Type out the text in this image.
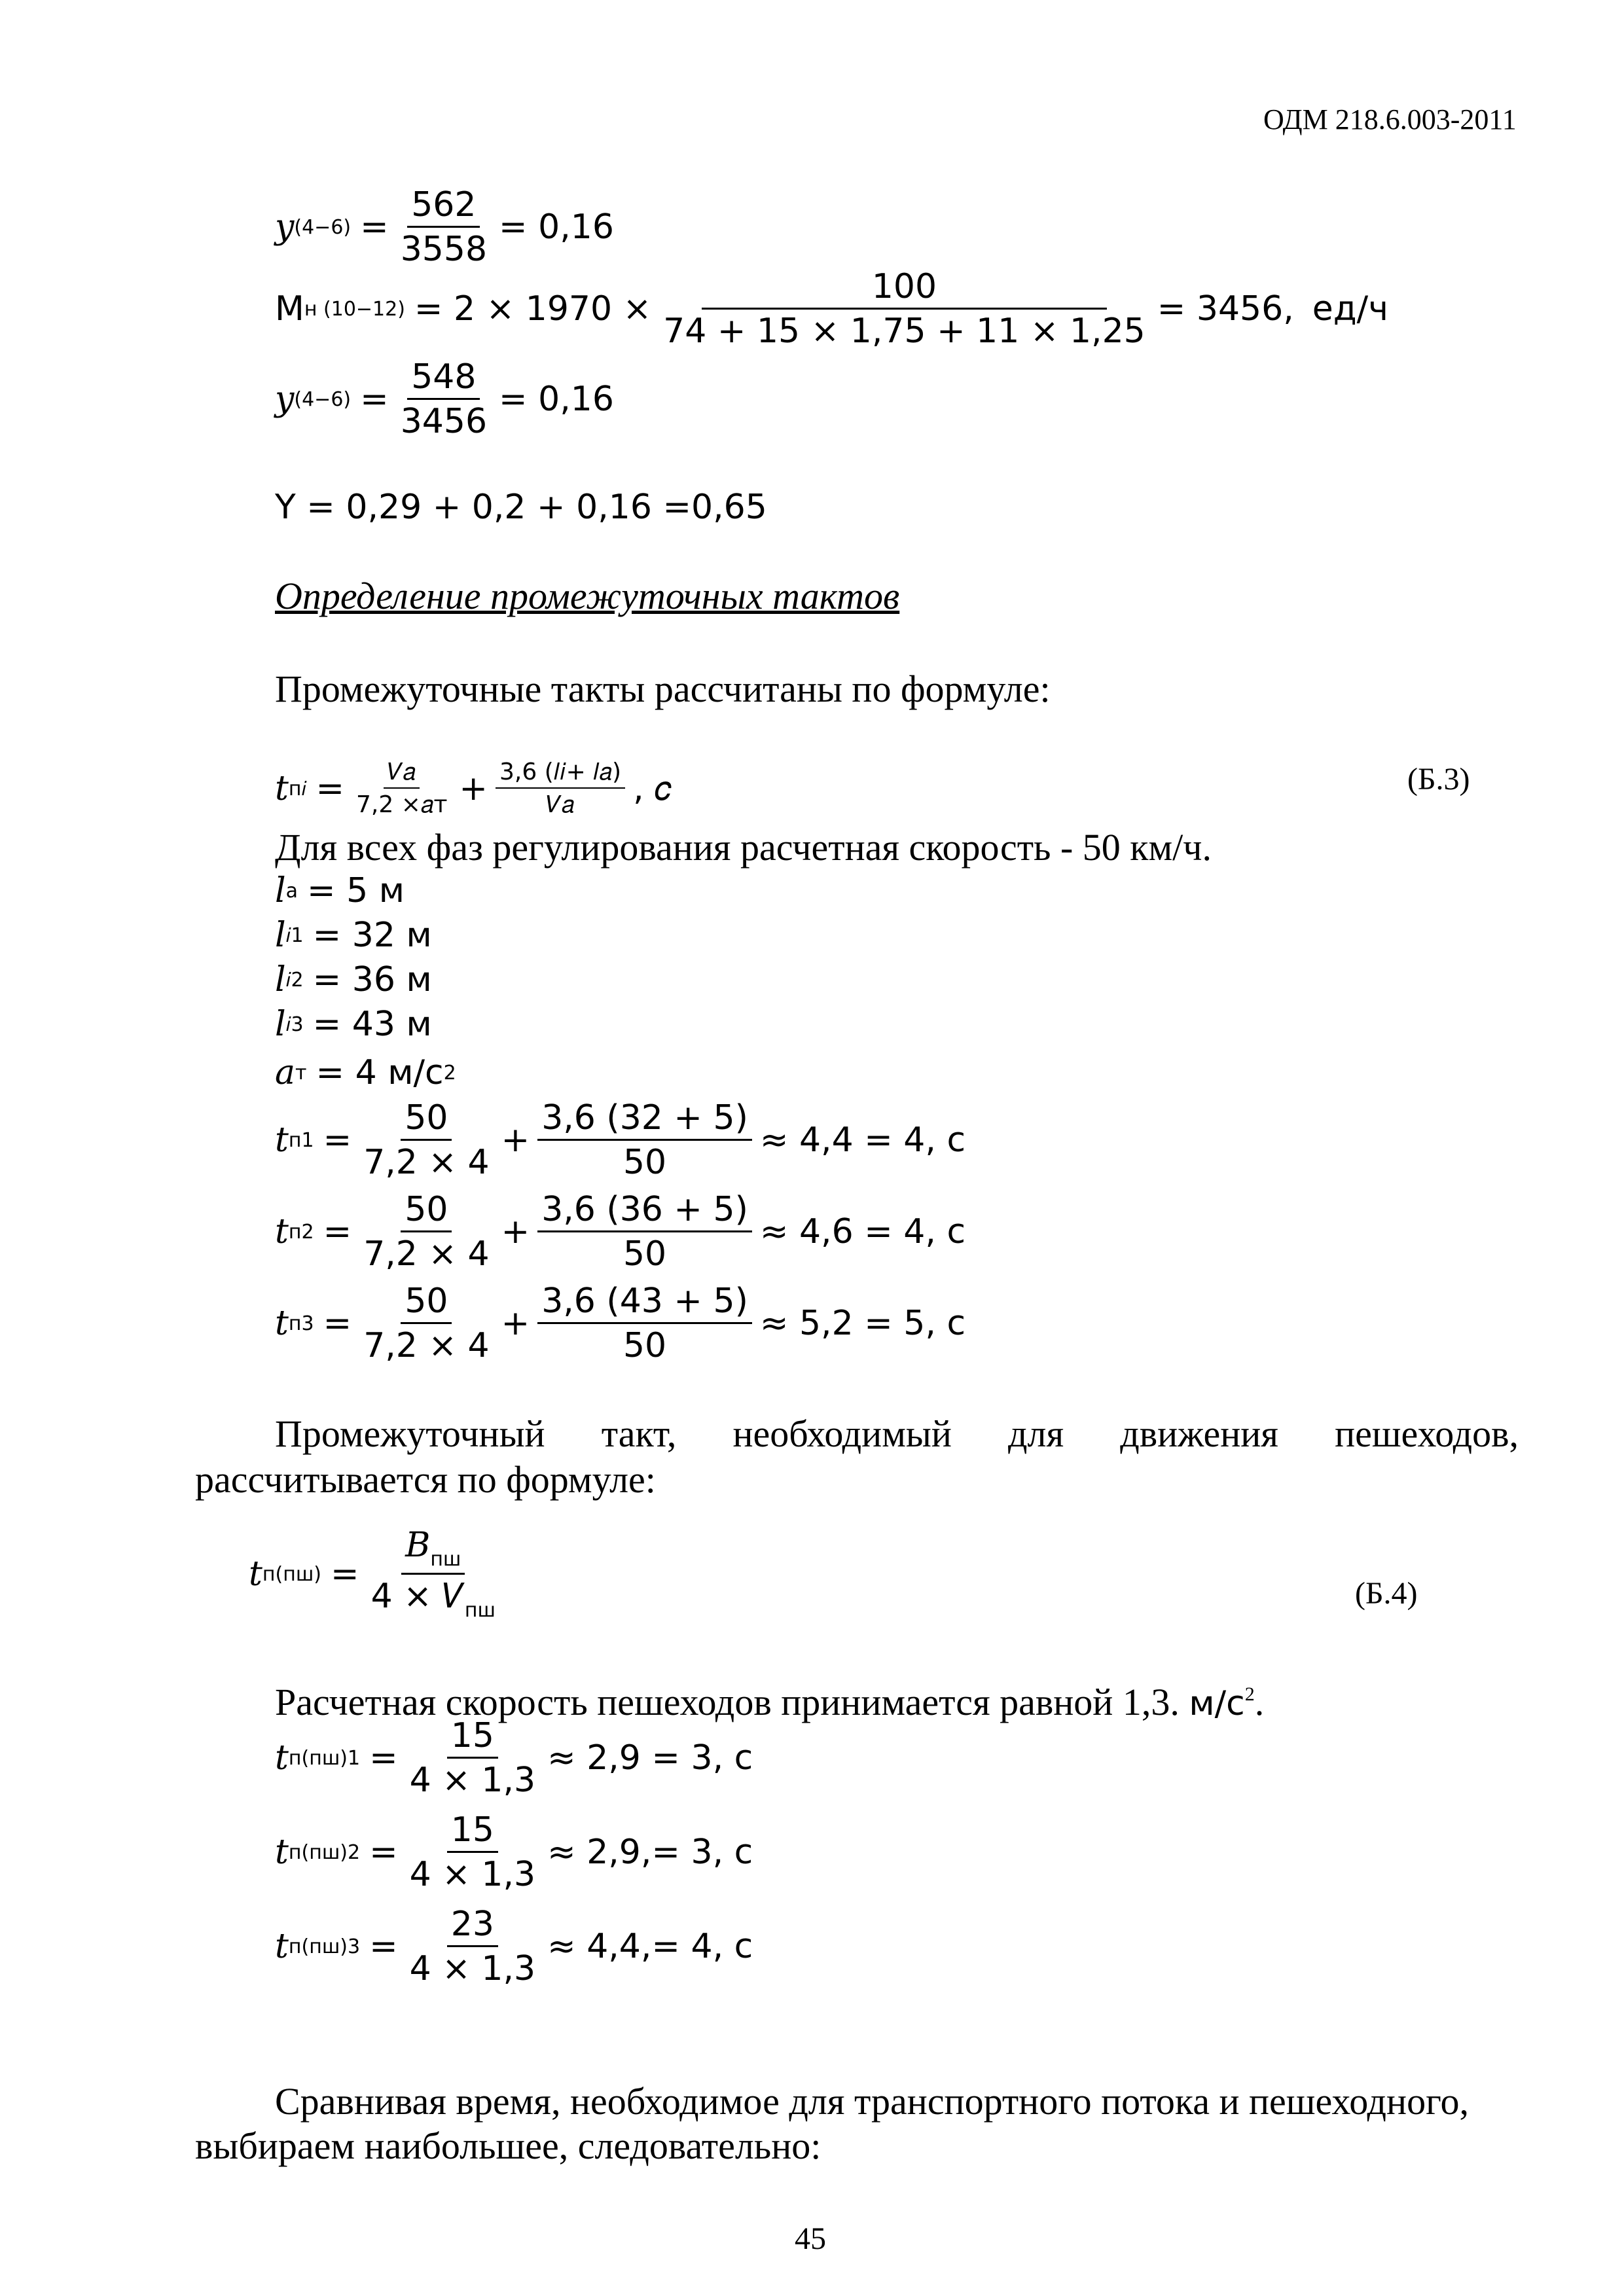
ОДМ 218.6.003-2011
𝑦 $(4-6) = \frac{562}{3558} = 0,16$
М н $(10-12) = 2 \times 1970 \times \frac{100}{74 + 15 \times 1,75 + 11 \times 1,25} = 3456$, ед/ч
𝑦 $(4-6) = \frac{548}{3456} = 0,16$
Y = 0,29 + 0,2 + 0,16 =0,65
Определение промежуточных тактов
Промежуточные такты рассчитаны по формуле:
𝑡 п𝑖 = $\frac{\text{𝑉𝑎}}{\text{7,2 ×𝑎т}} + \frac{\text{3,6 (𝑙𝑖+ 𝑙𝑎)}}{\text{𝑉𝑎}}$ , 𝑐	(Б.3)
Для всех фаз регулирования расчетная скорость - 50 км/ч.
𝑙 а = 5 м
𝑙 𝑖1 = 32 м
𝑙 𝑖2 = 36 м
𝑙 𝑖3 = 43 м
𝑎 т = 4 м/с 2
𝑡 $п1 = \frac{50}{7,2 \times 4} + \frac{3,6 (32 + 5)}{50} \approx 4,4 = 4$, с
𝑡 $п2 = \frac{50}{7,2 \times 4} + \frac{3,6 (36 + 5)}{50} \approx 4,6 = 4$, с
𝑡 $п3 = \frac{50}{7,2 \times 4} + \frac{3,6 (43 + 5)}{50} \approx 5,2 = 5$, с
Промежуточный такт, необходимый для движения пешеходов,
рассчитывается по формуле:
𝑡 $п(пш) = \frac{𝐵_{пш}}{4 \times 𝑉_{пш}}$	(Б.4)
Расчетная скорость пешеходов принимается равной 1,3. $м/с^2$.
𝑡 $п(пш)1 = \frac{15}{4 \times 1,3} \approx 2,9 = 3$, с
𝑡 $п(пш)2 = \frac{15}{4 \times 1,3} \approx 2,9,= 3$, с
𝑡 $п(пш)3 = \frac{23}{4 \times 1,3} \approx 4,4,= 4$, с
Сравнивая время, необходимое для транспортного потока и пешеходного,
выбираем наибольшее, следовательно:
45
